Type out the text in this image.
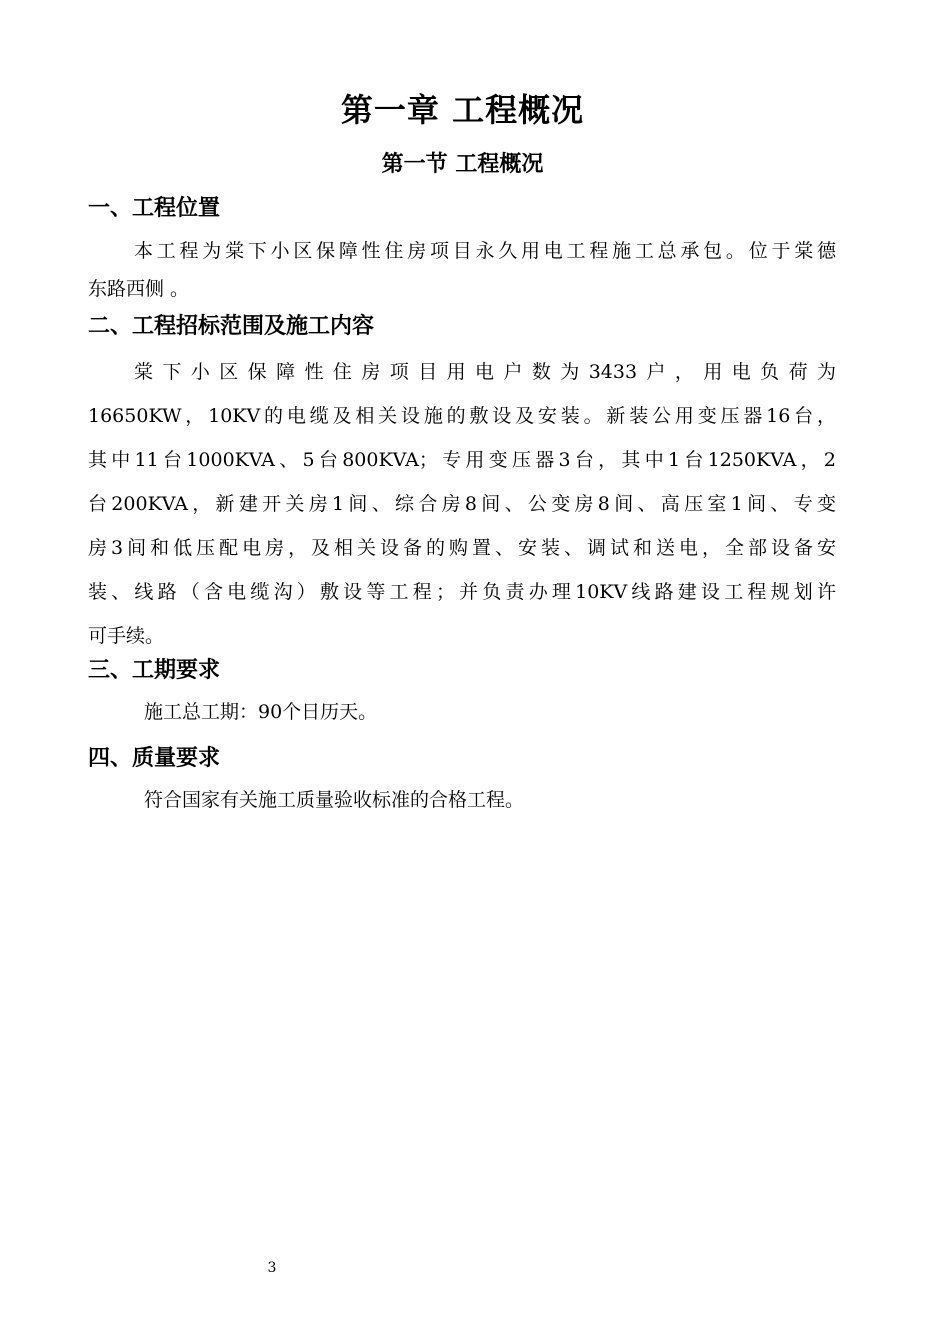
第一章 工程概况
第一节 工程概况
一、工程位置
本工程为棠下小区保障性住房项目永久用电工程施工总承包。位于棠德
东路西侧 。
二、工程招标范围及施工内容
棠下小区保障性住房项目用电户数为3433户，用电负荷为
16650KW，10KV的电缆及相关设施的敷设及安装。新装公用变压器16台，
其中11台1000KVA、5台800KVA；专用变压器3台，其中1台1250KVA，2
台200KVA，新建开关房1间、综合房8间、公变房8间、高压室1间、专变
房3间和低压配电房，及相关设备的购置、安装、调试和送电，全部设备安
装、线路（含电缆沟）敷设等工程；并负责办理10KV线路建设工程规划许
可手续。
三、工期要求
施工总工期：90个日历天。
四、质量要求
符合国家有关施工质量验收标准的合格工程。
3
